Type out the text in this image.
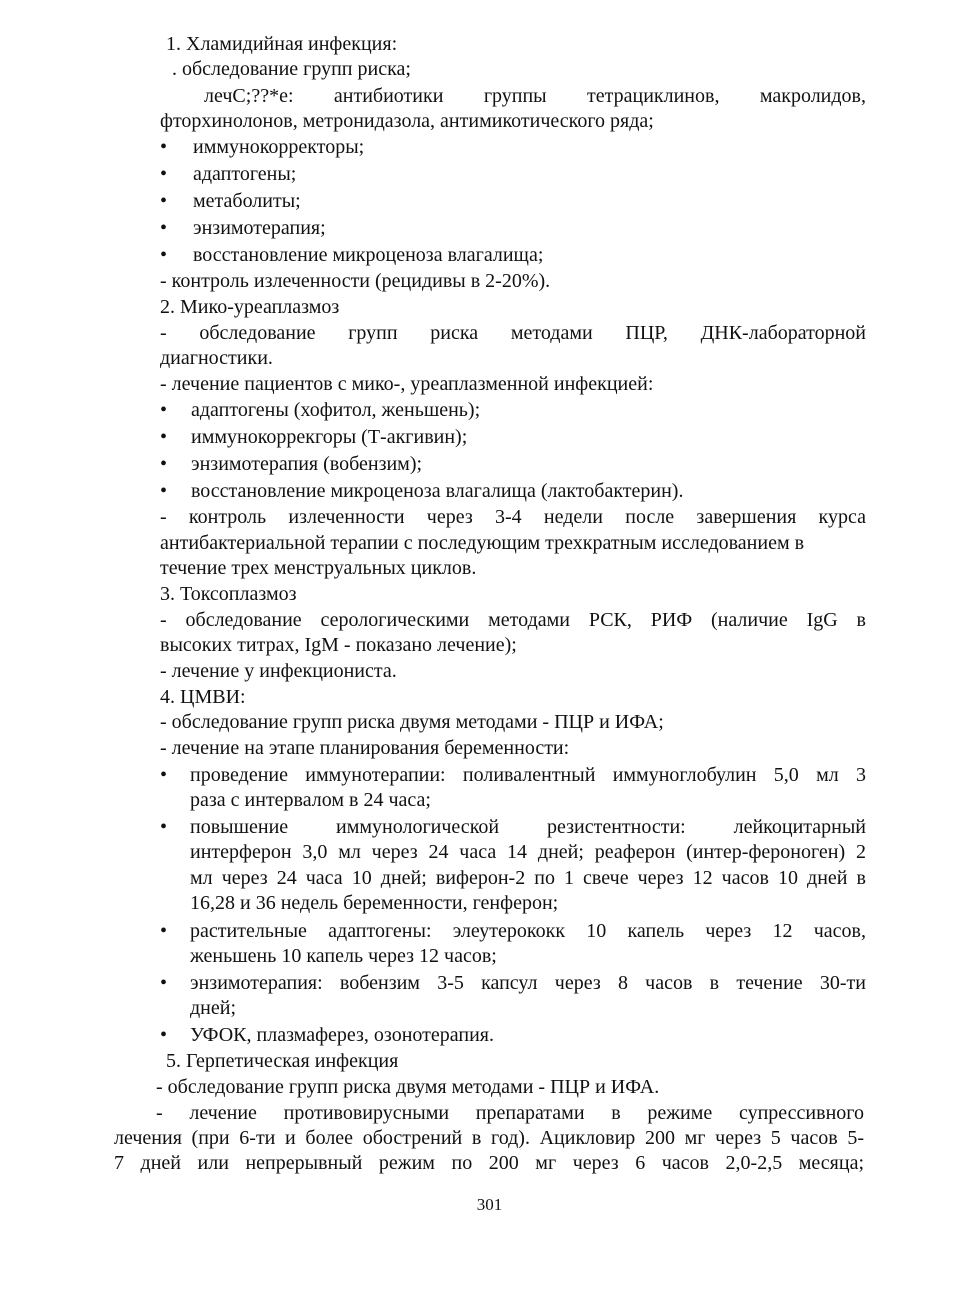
1. Хламидийная инфекция:
. обследование групп риска;
лечС;??*е: антибиотики группы тетрациклинов, макролидов,
фторхинолонов, метронидазола, антимикотического ряда;
• иммунокорректоры;
• адаптогены;
• метаболиты;
• энзимотерапия;
• восстановление микроценоза влагалища;
- контроль излеченности (рецидивы в 2-20%).
2. Мико-уреаплазмоз
- обследование групп риска методами ПЦР, ДНК-лабораторной
диагностики.
- лечение пациентов с мико-, уреаплазменной инфекцией:
• адаптогены (хофитол, женьшень);
• иммунокоррекгоры (Т-акгивин);
• энзимотерапия (вобензим);
• восстановление микроценоза влагалища (лактобактерин).
- контроль излеченности через 3-4 недели после завершения курса
антибактериальной терапии с последующим трехкратным исследованием в
течение трех менструальных циклов.
3. Токсоплазмоз
- обследование серологическими методами РСК, РИФ (наличие IgG в
высоких титрах, IgM - показано лечение);
- лечение у инфекциониста.
4. ЦМВИ:
- обследование групп риска двумя методами - ПЦР и ИФА;
- лечение на этапе планирования беременности:
• проведение иммунотерапии: поливалентный иммуноглобулин 5,0 мл 3
раза с интервалом в 24 часа;
• повышение иммунологической резистентности: лейкоцитарный
интерферон 3,0 мл через 24 часа 14 дней; реаферон (интер-фероноген) 2
мл через 24 часа 10 дней; виферон-2 по 1 свече через 12 часов 10 дней в
16,28 и 36 недель беременности, генферон;
• растительные адаптогены: элеутерококк 10 капель через 12 часов,
женьшень 10 капель через 12 часов;
• энзимотерапия: вобензим 3-5 капсул через 8 часов в течение 30-ти
дней;
• УФОК, плазмаферез, озонотерапия.
5. Герпетическая инфекция
- обследование групп риска двумя методами - ПЦР и ИФА.
- лечение противовирусными препаратами в режиме супрессивного
лечения (при 6-ти и более обострений в год). Ацикловир 200 мг через 5 часов 5-
7 дней или непрерывный режим по 200 мг через 6 часов 2,0-2,5 месяца;
301
